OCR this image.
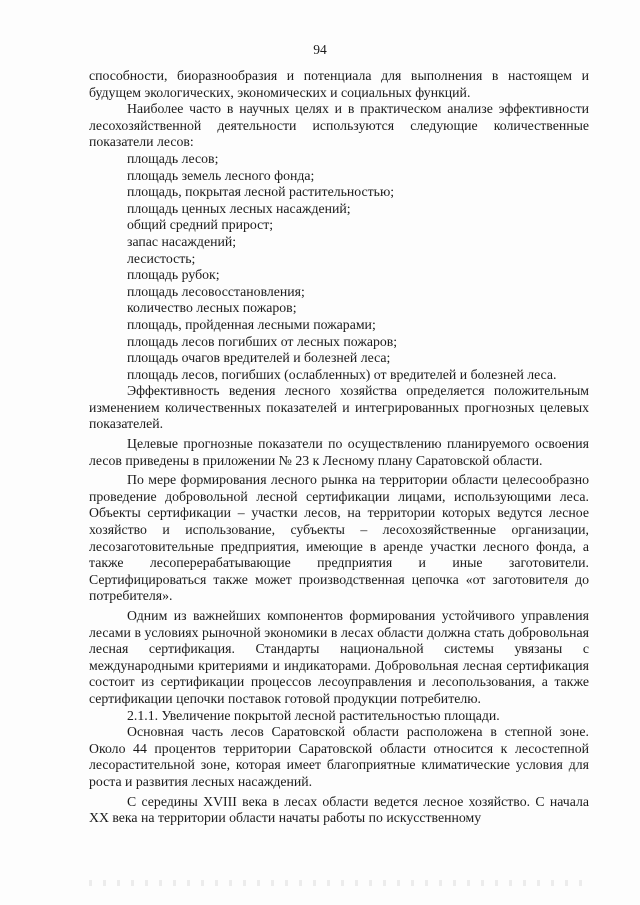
94

способности, биоразнообразия и потенциала для выполнения в настоящем и будущем экологических, экономических и социальных функций.

Наиболее часто в научных целях и в практическом анализе эффективности лесохозяйственной деятельности используются следующие количественные показатели лесов:

площадь лесов;
площадь земель лесного фонда;
площадь, покрытая лесной растительностью;
площадь ценных лесных насаждений;
общий средний прирост;
запас насаждений;
лесистость;
площадь рубок;
площадь лесовосстановления;
количество лесных пожаров;
площадь, пройденная лесными пожарами;
площадь лесов погибших от лесных пожаров;
площадь очагов вредителей и болезней леса;
площадь лесов, погибших (ослабленных) от вредителей и болезней леса.

Эффективность ведения лесного хозяйства определяется положительным изменением количественных показателей и интегрированных прогнозных целевых показателей.

Целевые прогнозные показатели по осуществлению планируемого освоения лесов приведены в приложении № 23 к Лесному плану Саратовской области.

По мере формирования лесного рынка на территории области целесообразно проведение добровольной лесной сертификации лицами, использующими леса. Объекты сертификации – участки лесов, на территории которых ведутся лесное хозяйство и использование, субъекты – лесохозяйственные организации, лесозаготовительные предприятия, имеющие в аренде участки лесного фонда, а также лесоперерабатывающие предприятия и иные заготовители. Сертифицироваться также может производственная цепочка «от заготовителя до потребителя».

Одним из важнейших компонентов формирования устойчивого управления лесами в условиях рыночной экономики в лесах области должна стать добровольная лесная сертификация. Стандарты национальной системы увязаны с международными критериями и индикаторами. Добровольная лесная сертификация состоит из сертификации процессов лесоуправления и лесопользования, а также сертификации цепочки поставок готовой продукции потребителю.

2.1.1. Увеличение покрытой лесной растительностью площади.

Основная часть лесов Саратовской области расположена в степной зоне. Около 44 процентов территории Саратовской области относится к лесостепной лесорастительной зоне, которая имеет благоприятные климатические условия для роста и развития лесных насаждений.

С середины XVIII века в лесах области ведется лесное хозяйство. С начала XX века на территории области начаты работы по искусственному
